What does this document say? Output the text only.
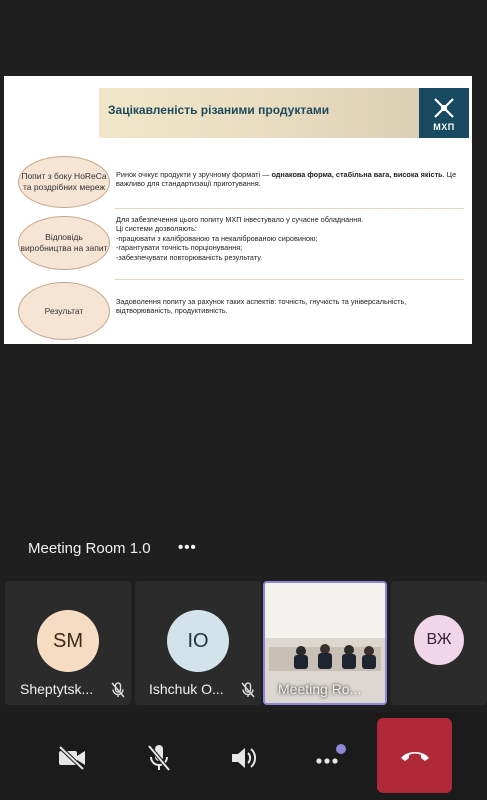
Зацікавленість різаними продуктами
МХП
Попит з боку HoReCa та роздрібних мереж
Ринок очікує продукти у зручному форматі — однакова форма, стабільна вага, висока якість. Це важливо для стандартизації приготування.
Відповідь виробництва на запит
Для забезпечення цього попиту МХП інвестувало у сучасне обладнання.
Ці системи дозволяють:
-працювати з каліброваною та некаліброваною сировиною;
-гарантувати точність порціонування;
-забезпечувати повторюваність результату.
Результат
Задоволення попиту за рахунок таких аспектів: точність, гнучкість та універсальність,
відтворюваність, продуктивність.
Meeting Room 1.0 •••
SM
Sheptytsk...
IO
Ishchuk O...	Meeting Ro...
ВЖ
